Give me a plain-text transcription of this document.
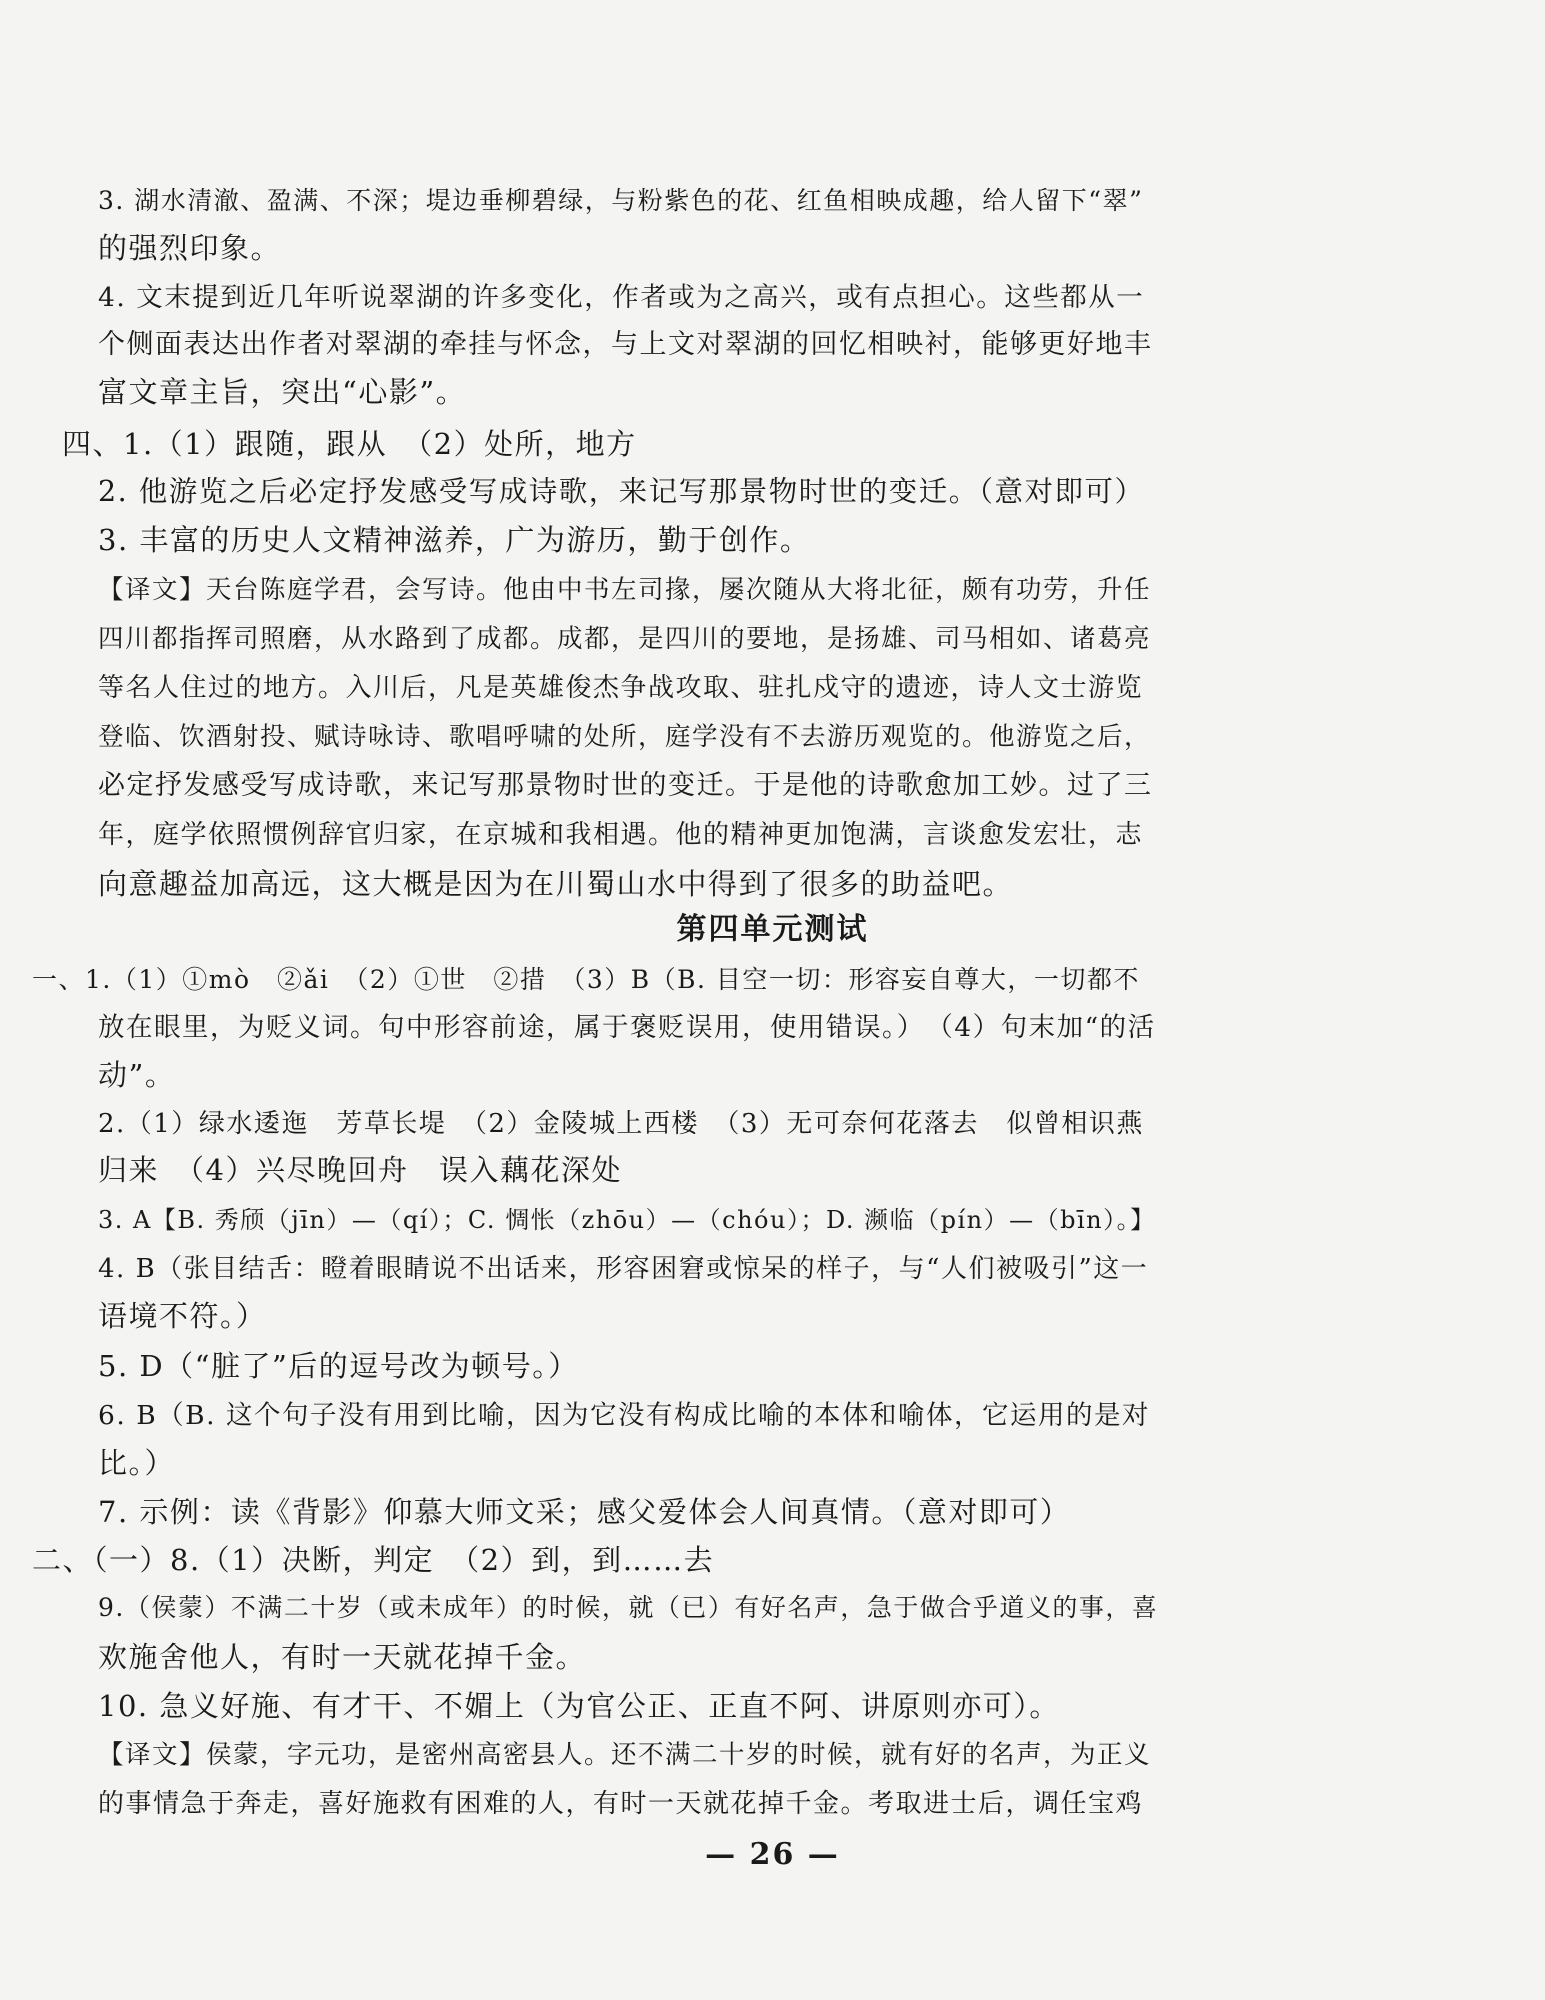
3. 湖水清澈、盈满、不深；堤边垂柳碧绿，与粉紫色的花、红鱼相映成趣，给人留下“翠”
的强烈印象。
4. 文末提到近几年听说翠湖的许多变化，作者或为之高兴，或有点担心。这些都从一
个侧面表达出作者对翠湖的牵挂与怀念，与上文对翠湖的回忆相映衬，能够更好地丰
富文章主旨，突出“心影”。
四、1.（1）跟随，跟从　（2）处所，地方
2. 他游览之后必定抒发感受写成诗歌，来记写那景物时世的变迁。（意对即可）
3. 丰富的历史人文精神滋养，广为游历，勤于创作。
【译文】天台陈庭学君，会写诗。他由中书左司掾，屡次随从大将北征，颇有功劳，升任
四川都指挥司照磨，从水路到了成都。成都，是四川的要地，是扬雄、司马相如、诸葛亮
等名人住过的地方。入川后，凡是英雄俊杰争战攻取、驻扎戍守的遗迹，诗人文士游览
登临、饮酒射投、赋诗咏诗、歌唱呼啸的处所，庭学没有不去游历观览的。他游览之后，
必定抒发感受写成诗歌，来记写那景物时世的变迁。于是他的诗歌愈加工妙。过了三
年，庭学依照惯例辞官归家，在京城和我相遇。他的精神更加饱满，言谈愈发宏壮，志
向意趣益加高远，这大概是因为在川蜀山水中得到了很多的助益吧。
第四单元测试
一、1.（1）①mò　②ǎi　（2）①世　②措　（3）B（B. 目空一切：形容妄自尊大，一切都不
放在眼里，为贬义词。句中形容前途，属于褒贬误用，使用错误。）　（4）句末加“的活
动”。
2.（1）绿水逶迤　芳草长堤　（2）金陵城上西楼　（3）无可奈何花落去　似曾相识燕
归来　（4）兴尽晚回舟　误入藕花深处
3. A【B. 秀颀（jīn）—（qí）；C. 惆怅（zhōu）—（chóu）；D. 濒临（pín）—（bīn）。】
4. B（张目结舌：瞪着眼睛说不出话来，形容困窘或惊呆的样子，与“人们被吸引”这一
语境不符。）
5. D（“脏了”后的逗号改为顿号。）
6. B（B. 这个句子没有用到比喻，因为它没有构成比喻的本体和喻体，它运用的是对
比。）
7. 示例：读《背影》仰慕大师文采；感父爱体会人间真情。（意对即可）
二、（一）8.（1）决断，判定　（2）到，到……去
9.（侯蒙）不满二十岁（或未成年）的时候，就（已）有好名声，急于做合乎道义的事，喜
欢施舍他人，有时一天就花掉千金。
10. 急义好施、有才干、不媚上（为官公正、正直不阿、讲原则亦可）。
【译文】侯蒙，字元功，是密州高密县人。还不满二十岁的时候，就有好的名声，为正义
的事情急于奔走，喜好施救有困难的人，有时一天就花掉千金。考取进士后，调任宝鸡
— 26 —
